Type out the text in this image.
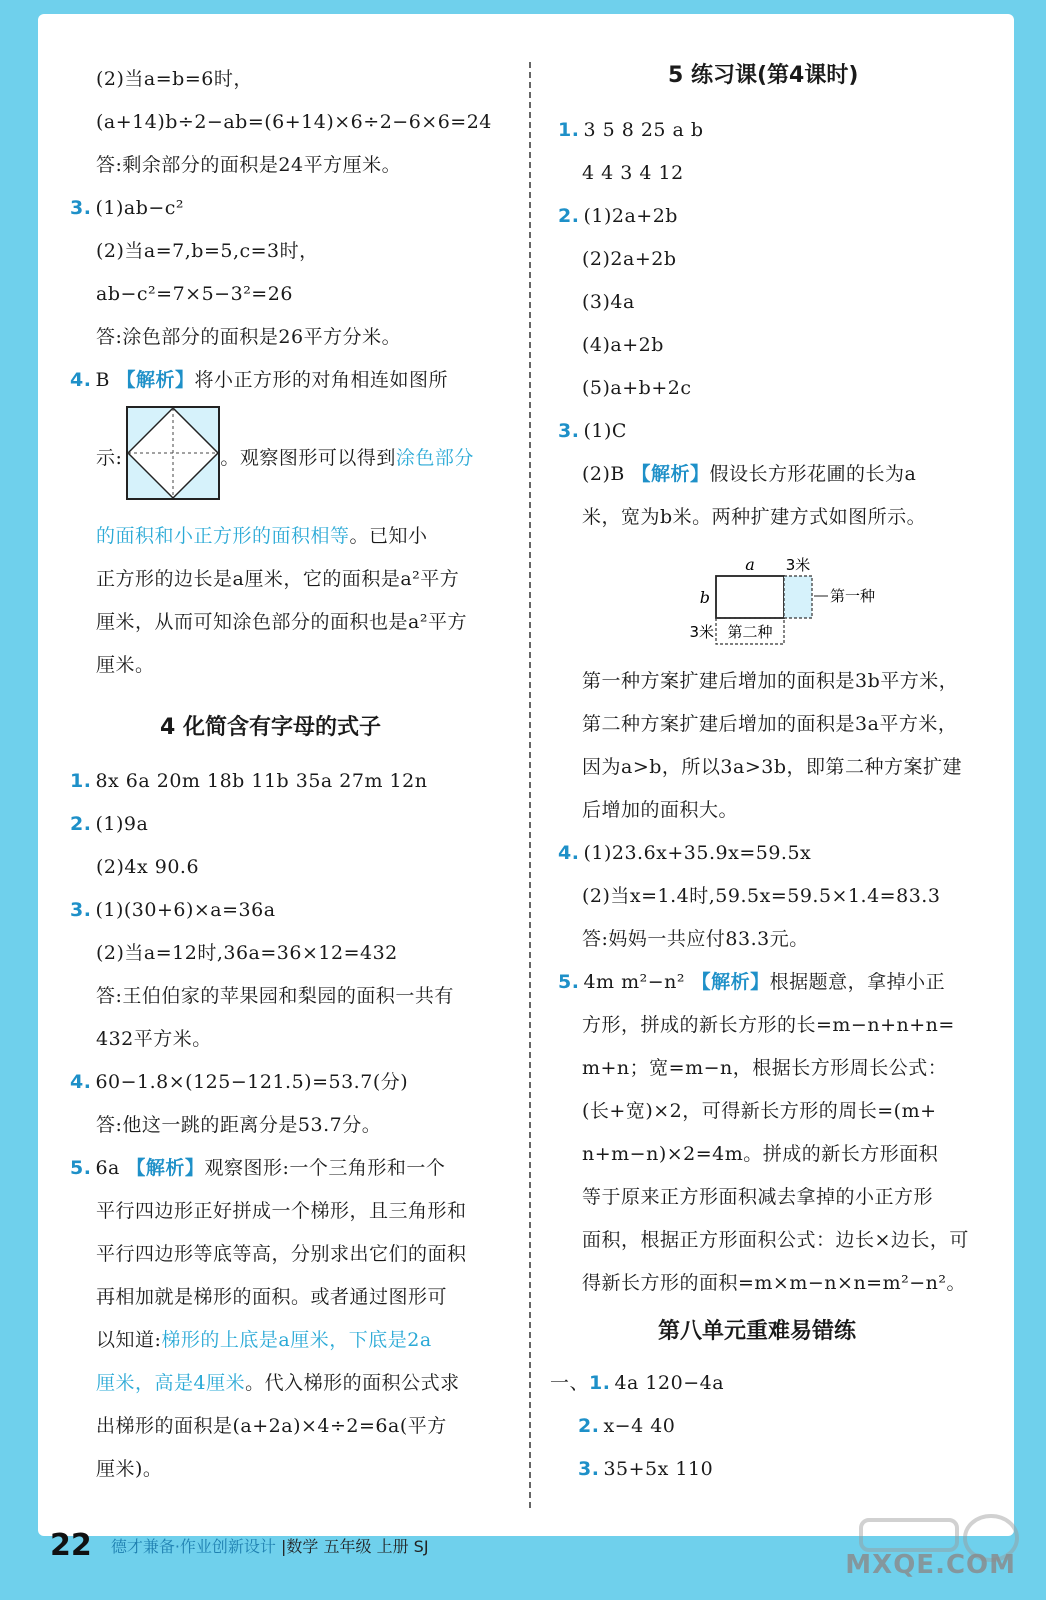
(2)当a=b=6时，
(a+14)b÷2−ab=(6+14)×6÷2−6×6=24
答:剩余部分的面积是24平方厘米。
3. (1)ab−c²
(2)当a=7,b=5,c=3时，
ab−c²=7×5−3²=26
答:涂色部分的面积是26平方分米。
4. B 【解析】将小正方形的对角相连如图所
示:	。观察图形可以得到涂色部分
的面积和小正方形的面积相等。已知小
正方形的边长是a厘米，它的面积是a²平方
厘米，从而可知涂色部分的面积也是a²平方
厘米。
4 化简含有字母的式子
1. 8x 6a 20m 18b 11b 35a 27m 12n
2. (1)9a
(2)4x 90.6
3. (1)(30+6)×a=36a
(2)当a=12时,36a=36×12=432
答:王伯伯家的苹果园和梨园的面积一共有
432平方米。
4. 60−1.8×(125−121.5)=53.7(分)
答:他这一跳的距离分是53.7分。
5. 6a 【解析】观察图形:一个三角形和一个
平行四边形正好拼成一个梯形，且三角形和
平行四边形等底等高，分别求出它们的面积
再相加就是梯形的面积。或者通过图形可
以知道:梯形的上底是a厘米，下底是2a
厘米，高是4厘米。代入梯形的面积公式求
出梯形的面积是(a+2a)×4÷2=6a(平方
厘米)。
5 练习课(第4课时)
1. 3 5 8 25 a b
4 4 3 4 12
2. (1)2a+2b
(2)2a+2b
(3)4a
(4)a+2b
(5)a+b+2c
3. (1)C
(2)B 【解析】假设长方形花圃的长为a
米，宽为b米。两种扩建方式如图所示。
a
b
3米
3米
第一种
第二种
第一种方案扩建后增加的面积是3b平方米，
第二种方案扩建后增加的面积是3a平方米，
因为a>b，所以3a>3b，即第二种方案扩建
后增加的面积大。
4. (1)23.6x+35.9x=59.5x
(2)当x=1.4时,59.5x=59.5×1.4=83.3
答:妈妈一共应付83.3元。
5. 4m m²−n² 【解析】根据题意，拿掉小正
方形，拼成的新长方形的长=m−n+n+n=
m+n；宽=m−n，根据长方形周长公式：
(长+宽)×2，可得新长方形的周长=(m+
n+m−n)×2=4m。拼成的新长方形面积
等于原来正方形面积减去拿掉的小正方形
面积，根据正方形面积公式：边长×边长，可
得新长方形的面积=m×m−n×n=m²−n²。
第八单元重难易错练
一、1. 4a 120−4a
2. x−4 40
3. 35+5x 110
22 德才兼备·作业创新设计 |数学 五年级 上册 SJ
MXQE.COM
